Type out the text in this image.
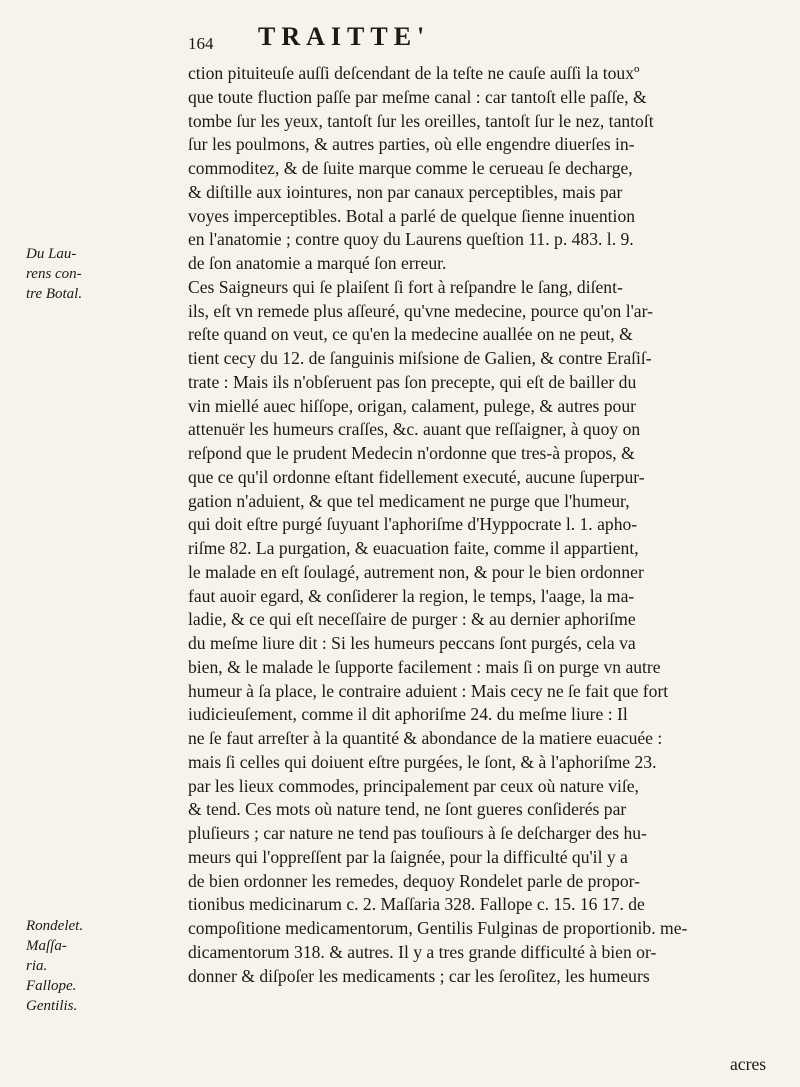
164 TRAITTE'
Du Lau-
rens con-
tre Botal.
Rondelet.
Maſſa-
ria.
Fallope.
Gentilis.
ction pituiteuſe auſſi deſcendant de la teſte ne cauſe auſſi la touxº
que toute fluction paſſe par meſme canal : car tantoſt elle paſſe, &
tombe ſur les yeux, tantoſt ſur les oreilles, tantoſt ſur le nez, tantoſt
ſur les poulmons, & autres parties, où elle engendre diuerſes in-
commoditez, & de ſuite marque comme le cerueau ſe decharge,
& diſtille aux iointures, non par canaux perceptibles, mais par
voyes imperceptibles. Botal a parlé de quelque ſienne inuention
en l'anatomie ; contre quoy du Laurens queſtion 11. p. 483. l. 9.
de ſon anatomie a marqué ſon erreur.
Ces Saigneurs qui ſe plaiſent ſi fort à reſpandre le ſang, diſent-
ils, eſt vn remede plus aſſeuré, qu'vne medecine, pource qu'on l'ar-
reſte quand on veut, ce qu'en la medecine auallée on ne peut, &
tient cecy du 12. de ſanguinis miſsione de Galien, & contre Eraſiſ-
trate : Mais ils n'obſeruent pas ſon precepte, qui eſt de bailler du
vin miellé auec hiſſope, origan, calament, pulege, & autres pour
attenuër les humeurs craſſes, &c. auant que reſſaigner, à quoy on
reſpond que le prudent Medecin n'ordonne que tres-à propos, &
que ce qu'il ordonne eſtant fidellement executé, aucune ſuperpur-
gation n'aduient, & que tel medicament ne purge que l'humeur,
qui doit eſtre purgé ſuyuant l'aphoriſme d'Hyppocrate l. 1. apho-
riſme 82. La purgation, & euacuation faite, comme il appartient,
le malade en eſt ſoulagé, autrement non, & pour le bien ordonner
faut auoir egard, & conſiderer la region, le temps, l'aage, la ma-
ladie, & ce qui eſt neceſſaire de purger : & au dernier aphoriſme
du meſme liure dit : Si les humeurs peccans ſont purgés, cela va
bien, & le malade le ſupporte facilement : mais ſi on purge vn autre
humeur à ſa place, le contraire aduient : Mais cecy ne ſe fait que fort
iudicieuſement, comme il dit aphoriſme 24. du meſme liure : Il
ne ſe faut arreſter à la quantité & abondance de la matiere euacuée :
mais ſi celles qui doiuent eſtre purgées, le ſont, & à l'aphoriſme 23.
par les lieux commodes, principalement par ceux où nature viſe,
& tend. Ces mots où nature tend, ne ſont gueres conſiderés par
pluſieurs ; car nature ne tend pas touſiours à ſe deſcharger des hu-
meurs qui l'oppreſſent par la ſaignée, pour la difficulté qu'il y a
de bien ordonner les remedes, dequoy Rondelet parle de propor-
tionibus medicinarum c. 2. Maſſaria 328. Fallope c. 15. 16 17. de
compoſitione medicamentorum, Gentilis Fulginas de proportionib. me-
dicamentorum 318. & autres. Il y a tres grande difficulté à bien or-
donner & diſpoſer les medicaments ; car les ſeroſitez, les humeurs
acres
